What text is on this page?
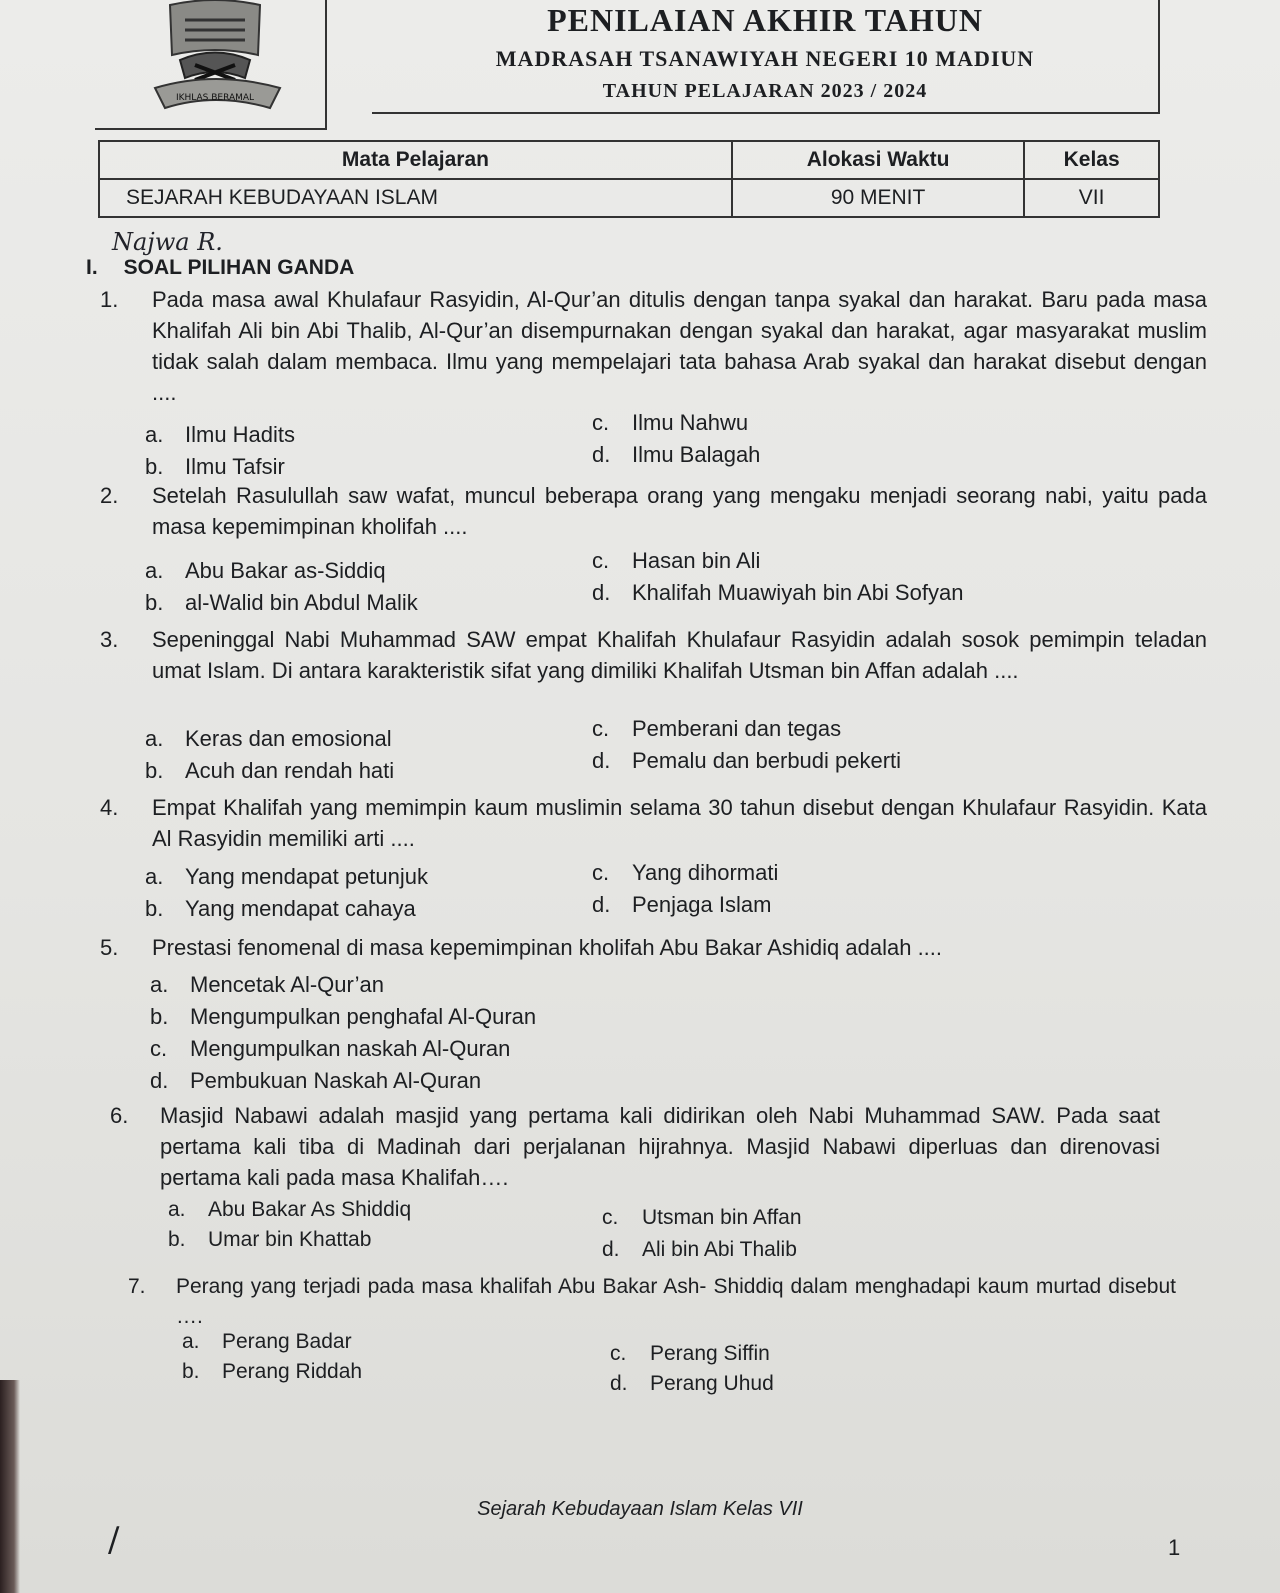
IKHLAS BERAMAL
PENILAIAN AKHIR TAHUN
MADRASAH TSANAWIYAH NEGERI 10 MADIUN
TAHUN PELAJARAN 2023 / 2024
Mata Pelajaran	Alokasi Waktu	Kelas
SEJARAH KEBUDAYAAN ISLAM	90 MENIT	VII
Najwa R.
I. SOAL PILIHAN GANDA
1. Pada masa awal Khulafaur Rasyidin, Al-Qur’an ditulis dengan tanpa syakal dan harakat. Baru pada masa Khalifah Ali bin Abi Thalib, Al-Qur’an disempurnakan dengan syakal dan harakat, agar masyarakat muslim tidak salah dalam membaca. Ilmu yang mempelajari tata bahasa Arab syakal dan harakat disebut dengan ....
a. Ilmu Hadits
b. Ilmu Tafsir
c. Ilmu Nahwu
d. Ilmu Balagah
2. Setelah Rasulullah saw wafat, muncul beberapa orang yang mengaku menjadi seorang nabi, yaitu pada masa kepemimpinan kholifah ....
a. Abu Bakar as-Siddiq
b. al-Walid bin Abdul Malik
c. Hasan bin Ali
d. Khalifah Muawiyah bin Abi Sofyan
3. Sepeninggal Nabi Muhammad SAW empat Khalifah Khulafaur Rasyidin adalah sosok pemimpin teladan umat Islam. Di antara karakteristik sifat yang dimiliki Khalifah Utsman bin Affan adalah ....
a. Keras dan emosional
b. Acuh dan rendah hati
c. Pemberani dan tegas
d. Pemalu dan berbudi pekerti
4. Empat Khalifah yang memimpin kaum muslimin selama 30 tahun disebut dengan Khulafaur Rasyidin. Kata Al Rasyidin memiliki arti ....
a. Yang mendapat petunjuk
b. Yang mendapat cahaya
c. Yang dihormati
d. Penjaga Islam
5. Prestasi fenomenal di masa kepemimpinan kholifah Abu Bakar Ashidiq adalah ....
a. Mencetak Al-Qur’an
b. Mengumpulkan penghafal Al-Quran
c. Mengumpulkan naskah Al-Quran
d. Pembukuan Naskah Al-Quran
6. Masjid Nabawi adalah masjid yang pertama kali didirikan oleh Nabi Muhammad SAW. Pada saat pertama kali tiba di Madinah dari perjalanan hijrahnya. Masjid Nabawi diperluas dan direnovasi pertama kali pada masa Khalifah….
a. Abu Bakar As Shiddiq
b. Umar bin Khattab
c. Utsman bin Affan
d. Ali bin Abi Thalib
7. Perang yang terjadi pada masa khalifah Abu Bakar Ash- Shiddiq dalam menghadapi kaum murtad disebut ….
a. Perang Badar
b. Perang Riddah
c. Perang Siffin
d. Perang Uhud
Sejarah Kebudayaan Islam Kelas VII
1
/
